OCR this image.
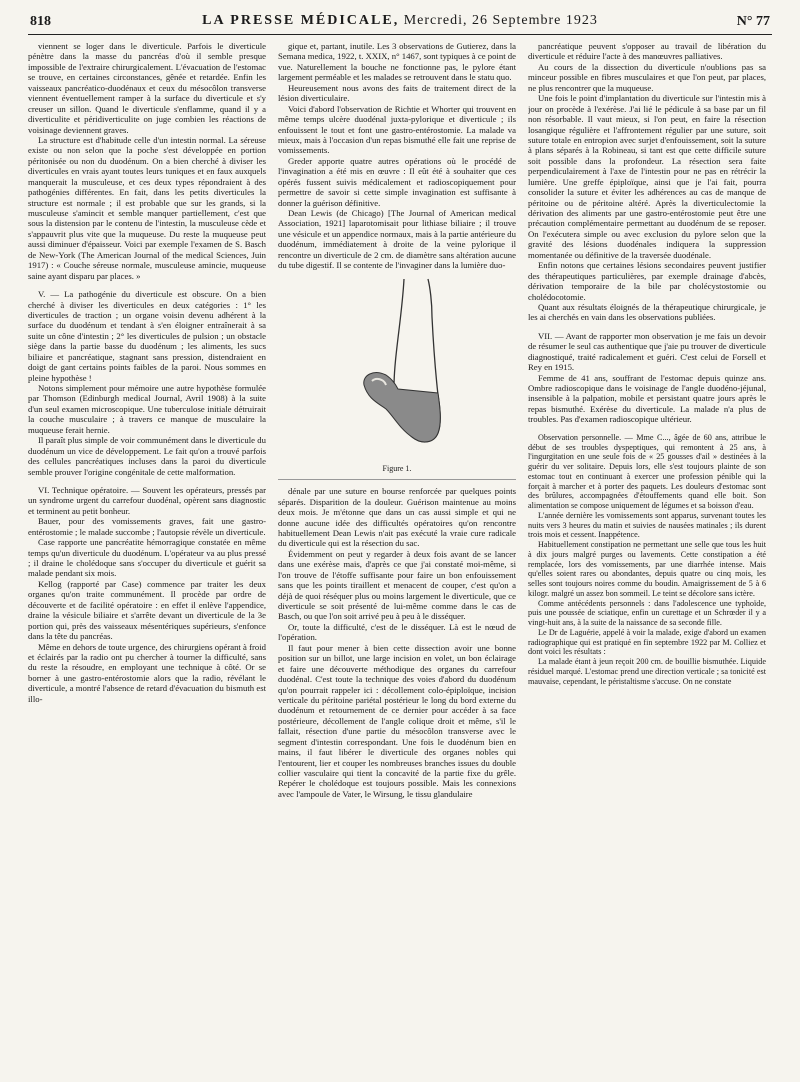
818	LA PRESSE MÉDICALE, Mercredi, 26 Septembre 1923	N° 77

viennent se loger dans le diverticule. Parfois le diverticule pénètre dans la masse du pancréas d'où il semble presque impossible de l'extraire chirurgicalement. L'évacuation de l'estomac se trouve, en certaines circonstances, gênée et retardée. Enfin les vaisseaux pancréatico-duodénaux et ceux du mésocôlon transverse viennent éventuellement ramper à la surface du diverticule et s'y creuser un sillon. Quand le diverticule s'enflamme, quand il y a diverticulite et péridiverticulite on juge combien les réactions de voisinage deviennent graves.

La structure est d'habitude celle d'un intestin normal. La séreuse existe ou non selon que la poche s'est développée en portion péritonisée ou non du duodénum. On a bien cherché à diviser les diverticules en vrais ayant toutes leurs tuniques et en faux auxquels manquerait la musculeuse, et ces deux types répondraient à des pathogénies différentes. En fait, dans les petits diverticules la structure est normale ; il est probable que sur les grands, si la musculeuse s'amincit et semble manquer partiellement, c'est que sous la distension par le contenu de l'intestin, la musculeuse cède et s'appauvrit plus vite que la muqueuse. Du reste la muqueuse peut aussi diminuer d'épaisseur. Voici par exemple l'examen de S. Basch de New-York (The American Journal of the medical Sciences, Juin 1917) : « Couche séreuse normale, musculeuse amincie, muqueuse saine ayant disparu par places. »

V. — La pathogénie du diverticule est obscure. On a bien cherché à diviser les diverticules en deux catégories : 1° les diverticules de traction ; un organe voisin devenu adhérent à la surface du duodénum et tendant à s'en éloigner entraînerait à sa suite un cône d'intestin ; 2° les diverticules de pulsion ; un obstacle siège dans la partie basse du duodénum ; les aliments, les sucs biliaire et pancréatique, stagnant sans pression, distendraient en doigt de gant certains points faibles de la paroi. Nous sommes en pleine hypothèse !

Notons simplement pour mémoire une autre hypothèse formulée par Thomson (Edinburgh medical Journal, Avril 1908) à la suite d'un seul examen microscopique. Une tuberculose initiale détruirait la couche musculaire ; à travers ce manque de musculaire la muqueuse ferait hernie.

Il paraît plus simple de voir communément dans le diverticule du duodénum un vice de développement. Le fait qu'on a trouvé parfois des cellules pancréatiques incluses dans la paroi du diverticule semble prouver l'origine congénitale de cette malformation.

VI. Technique opératoire. — Souvent les opérateurs, pressés par un syndrome urgent du carrefour duodénal, opèrent sans diagnostic et terminent au petit bonheur.

Bauer, pour des vomissements graves, fait une gastro-entérostomie ; le malade succombe ; l'autopsie révèle un diverticule.

Case rapporte une pancréatite hémorragique constatée en même temps qu'un diverticule du duodénum. L'opérateur va au plus pressé ; il draine le cholédoque sans s'occuper du diverticule et guérit sa malade pendant six mois.

Kellog (rapporté par Case) commence par traiter les deux organes qu'on traite communément. Il procède par ordre de découverte et de facilité opératoire : en effet il enlève l'appendice, draine la vésicule biliaire et s'arrête devant un diverticule de la 3e portion qui, près des vaisseaux mésentériques supérieurs, s'enfonce dans la tête du pancréas.

Même en dehors de toute urgence, des chirurgiens opérant à froid et éclairés par la radio ont pu chercher à tourner la difficulté, sans du reste la résoudre, en employant une technique à côté. Or se borner à une gastro-entérostomie alors que la radio, révélant le diverticule, a montré l'absence de retard d'évacuation du bismuth est illo-

gique et, partant, inutile. Les 3 observations de Gutierez, dans la Semana medica, 1922, t. XXIX, n° 1467, sont typiques à ce point de vue. Naturellement la bouche ne fonctionne pas, le pylore étant largement perméable et les malades se retrouvent dans le statu quo.

Heureusement nous avons des faits de traitement direct de la lésion diverticulaire.

Voici d'abord l'observation de Richtie et Whorter qui trouvent en même temps ulcère duodénal juxta-pylorique et diverticule ; ils enfouissent le tout et font une gastro-entérostomie. La malade va mieux, mais à l'occasion d'un repas bismuthé elle fait une reprise de vomissements.

Greder apporte quatre autres opérations où le procédé de l'invagination a été mis en œuvre : Il eût été à souhaiter que ces opérés fussent suivis médicalement et radioscopiquement pour permettre de savoir si cette simple invagination est suffisante à donner la guérison définitive.

Dean Lewis (de Chicago) [The Journal of American medical Association, 1921] laparotomisait pour lithiase biliaire ; il trouve une vésicule et un appendice normaux, mais à la partie antérieure du duodénum, immédiatement à droite de la veine pylorique il rencontre un diverticule de 2 cm. de diamètre sans altération aucune du tube digestif. Il se contente de l'invaginer dans la lumière duo-

Figure 1.

dénale par une suture en bourse renforcée par quelques points séparés. Disparition de la douleur. Guérison maintenue au moins deux mois. Je m'étonne que dans un cas aussi simple et qui ne donne aucune idée des difficultés opératoires qu'on rencontre habituellement Dean Lewis n'ait pas exécuté la vraie cure radicale du diverticule qui est la résection du sac.

Évidemment on peut y regarder à deux fois avant de se lancer dans une exérèse mais, d'après ce que j'ai constaté moi-même, si l'on trouve de l'étoffe suffisante pour faire un bon enfouissement sans que les points tiraillent et menacent de couper, c'est qu'on a déjà de quoi réséquer plus ou moins largement le diverticule, que ce diverticule se soit présenté de lui-même comme dans le cas de Basch, ou que l'on soit arrivé peu à peu à le disséquer.

Or, toute la difficulté, c'est de le disséquer. Là est le nœud de l'opération.

Il faut pour mener à bien cette dissection avoir une bonne position sur un billot, une large incision en volet, un bon éclairage et faire une découverte méthodique des organes du carrefour duodénal. C'est toute la technique des voies d'abord du duodénum qu'on pourrait rappeler ici : décollement colo-épiploïque, incision verticale du péritoine pariétal postérieur le long du bord externe du duodénum et retournement de ce dernier pour accéder à sa face postérieure, décollement de l'angle colique droit et même, s'il le fallait, résection d'une partie du mésocôlon transverse avec le segment d'intestin correspondant. Une fois le duodénum bien en mains, il faut libérer le diverticule des organes nobles qui l'entourent, lier et couper les nombreuses branches issues du double collier vasculaire qui tient la concavité de la partie fixe du grêle. Repérer le cholédoque est toujours possible. Mais les connexions avec l'ampoule de Vater, le Wirsung, le tissu glandulaire

pancréatique peuvent s'opposer au travail de libération du diverticule et réduire l'acte à des manœuvres palliatives.

Au cours de la dissection du diverticule n'oublions pas sa minceur possible en fibres musculaires et que l'on peut, par places, ne plus rencontrer que la muqueuse.

Une fois le point d'implantation du diverticule sur l'intestin mis à jour on procède à l'exérèse. J'ai lié le pédicule à sa base par un fil non résorbable. Il vaut mieux, si l'on peut, en faire la résection losangique régulière et l'affrontement régulier par une suture, soit suture totale en entropion avec surjet d'enfouissement, soit la suture à plans séparés à la Robineau, si tant est que cette difficile suture soit possible dans la profondeur. La résection sera faite perpendiculairement à l'axe de l'intestin pour ne pas en rétrécir la lumière. Une greffe épiploïque, ainsi que je l'ai fait, pourra consolider la suture et éviter les adhérences au cas de manque de péritoine ou de péritoine altéré. Après la diverticulectomie la dérivation des aliments par une gastro-entérostomie peut être une précaution complémentaire permettant au duodénum de se reposer. On l'exécutera simple ou avec exclusion du pylore selon que la gravité des lésions duodénales indiquera la suppression momentanée ou définitive de la traversée duodénale.

Enfin notons que certaines lésions secondaires peuvent justifier des thérapeutiques particulières, par exemple drainage d'abcès, dérivation temporaire de la bile par cholécystostomie ou cholédocotomie.

Quant aux résultats éloignés de la thérapeutique chirurgicale, je les ai cherchés en vain dans les observations publiées.

VII. — Avant de rapporter mon observation je me fais un devoir de résumer le seul cas authentique que j'aie pu trouver de diverticule diagnostiqué, traité radicalement et guéri. C'est celui de Forsell et Rey en 1915.

Femme de 41 ans, souffrant de l'estomac depuis quinze ans. Ombre radioscopique dans le voisinage de l'angle duodéno-jéjunal, insensible à la palpation, mobile et persistant quatre jours après le repas bismuthé. Exérèse du diverticule. La malade n'a plus de troubles. Pas d'examen radioscopique ultérieur.

Observation personnelle. — Mme C..., âgée de 60 ans, attribue le début de ses troubles dyspeptiques, qui remontent à 25 ans, à l'ingurgitation en une seule fois de « 25 gousses d'ail » destinées à la guérir du ver solitaire. Depuis lors, elle s'est toujours plainte de son estomac tout en continuant à exercer une profession pénible qui la forçait à marcher et à porter des paquets. Les douleurs d'estomac sont des brûlures, accompagnées d'étouffements quand elle boit. Son alimentation se compose uniquement de légumes et sa boisson d'eau.

L'année dernière les vomissements sont apparus, survenant toutes les nuits vers 3 heures du matin et suivies de nausées matinales ; ils durent trois mois et cessent. Inappétence.

Habituellement constipation ne permettant une selle que tous les huit à dix jours malgré purges ou lavements. Cette constipation a été remplacée, lors des vomissements, par une diarrhée intense. Mais qu'elles soient rares ou abondantes, depuis quatre ou cinq mois, les selles sont toujours noires comme du boudin. Amaigrissement de 5 à 6 kilogr. malgré un assez bon sommeil. Le teint se décolore sans ictère.

Comme antécédents personnels : dans l'adolescence une typhoïde, puis une poussée de sciatique, enfin un curettage et un Schrœder il y a vingt-huit ans, à la suite de la naissance de sa seconde fille.

Le Dr de Laguérie, appelé à voir la malade, exige d'abord un examen radiographique qui est pratiqué en fin septembre 1922 par M. Colliez et dont voici les résultats :

La malade étant à jeun reçoit 200 cm. de bouillie bismuthée. Liquide résiduel marqué. L'estomac prend une direction verticale ; sa tonicité est mauvaise, cependant, le péristaltisme s'accuse. On ne constate
